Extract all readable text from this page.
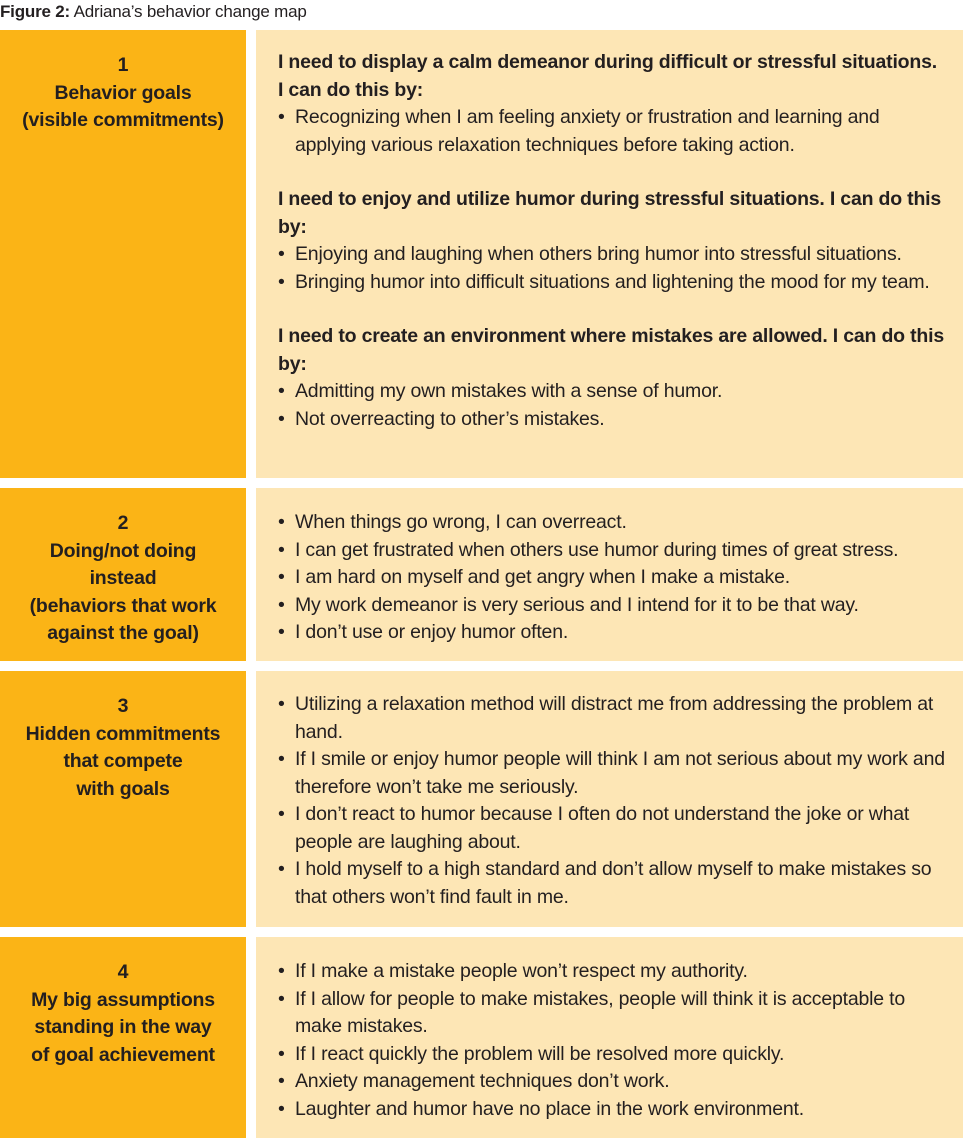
Figure 2: Adriana’s behavior change map
1
Behavior goals
(visible commitments)
I need to display a calm demeanor during difficult or stressful situations.
I can do this by:
• Recognizing when I am feeling anxiety or frustration and learning and applying various relaxation techniques before taking action.
I need to enjoy and utilize humor during stressful situations. I can do this by:
• Enjoying and laughing when others bring humor into stressful situations.
• Bringing humor into difficult situations and lightening the mood for my team.
I need to create an environment where mistakes are allowed. I can do this by:
• Admitting my own mistakes with a sense of humor.
• Not overreacting to other’s mistakes.
2
Doing/not doing
instead
(behaviors that work
against the goal)
• When things go wrong, I can overreact.
• I can get frustrated when others use humor during times of great stress.
• I am hard on myself and get angry when I make a mistake.
• My work demeanor is very serious and I intend for it to be that way.
• I don’t use or enjoy humor often.
3
Hidden commitments
that compete
with goals
• Utilizing a relaxation method will distract me from addressing the problem at hand.
• If I smile or enjoy humor people will think I am not serious about my work and therefore won’t take me seriously.
• I don’t react to humor because I often do not understand the joke or what people are laughing about.
• I hold myself to a high standard and don’t allow myself to make mistakes so that others won’t find fault in me.
4
My big assumptions
standing in the way
of goal achievement
• If I make a mistake people won’t respect my authority.
• If I allow for people to make mistakes, people will think it is acceptable to make mistakes.
• If I react quickly the problem will be resolved more quickly.
• Anxiety management techniques don’t work.
• Laughter and humor have no place in the work environment.
